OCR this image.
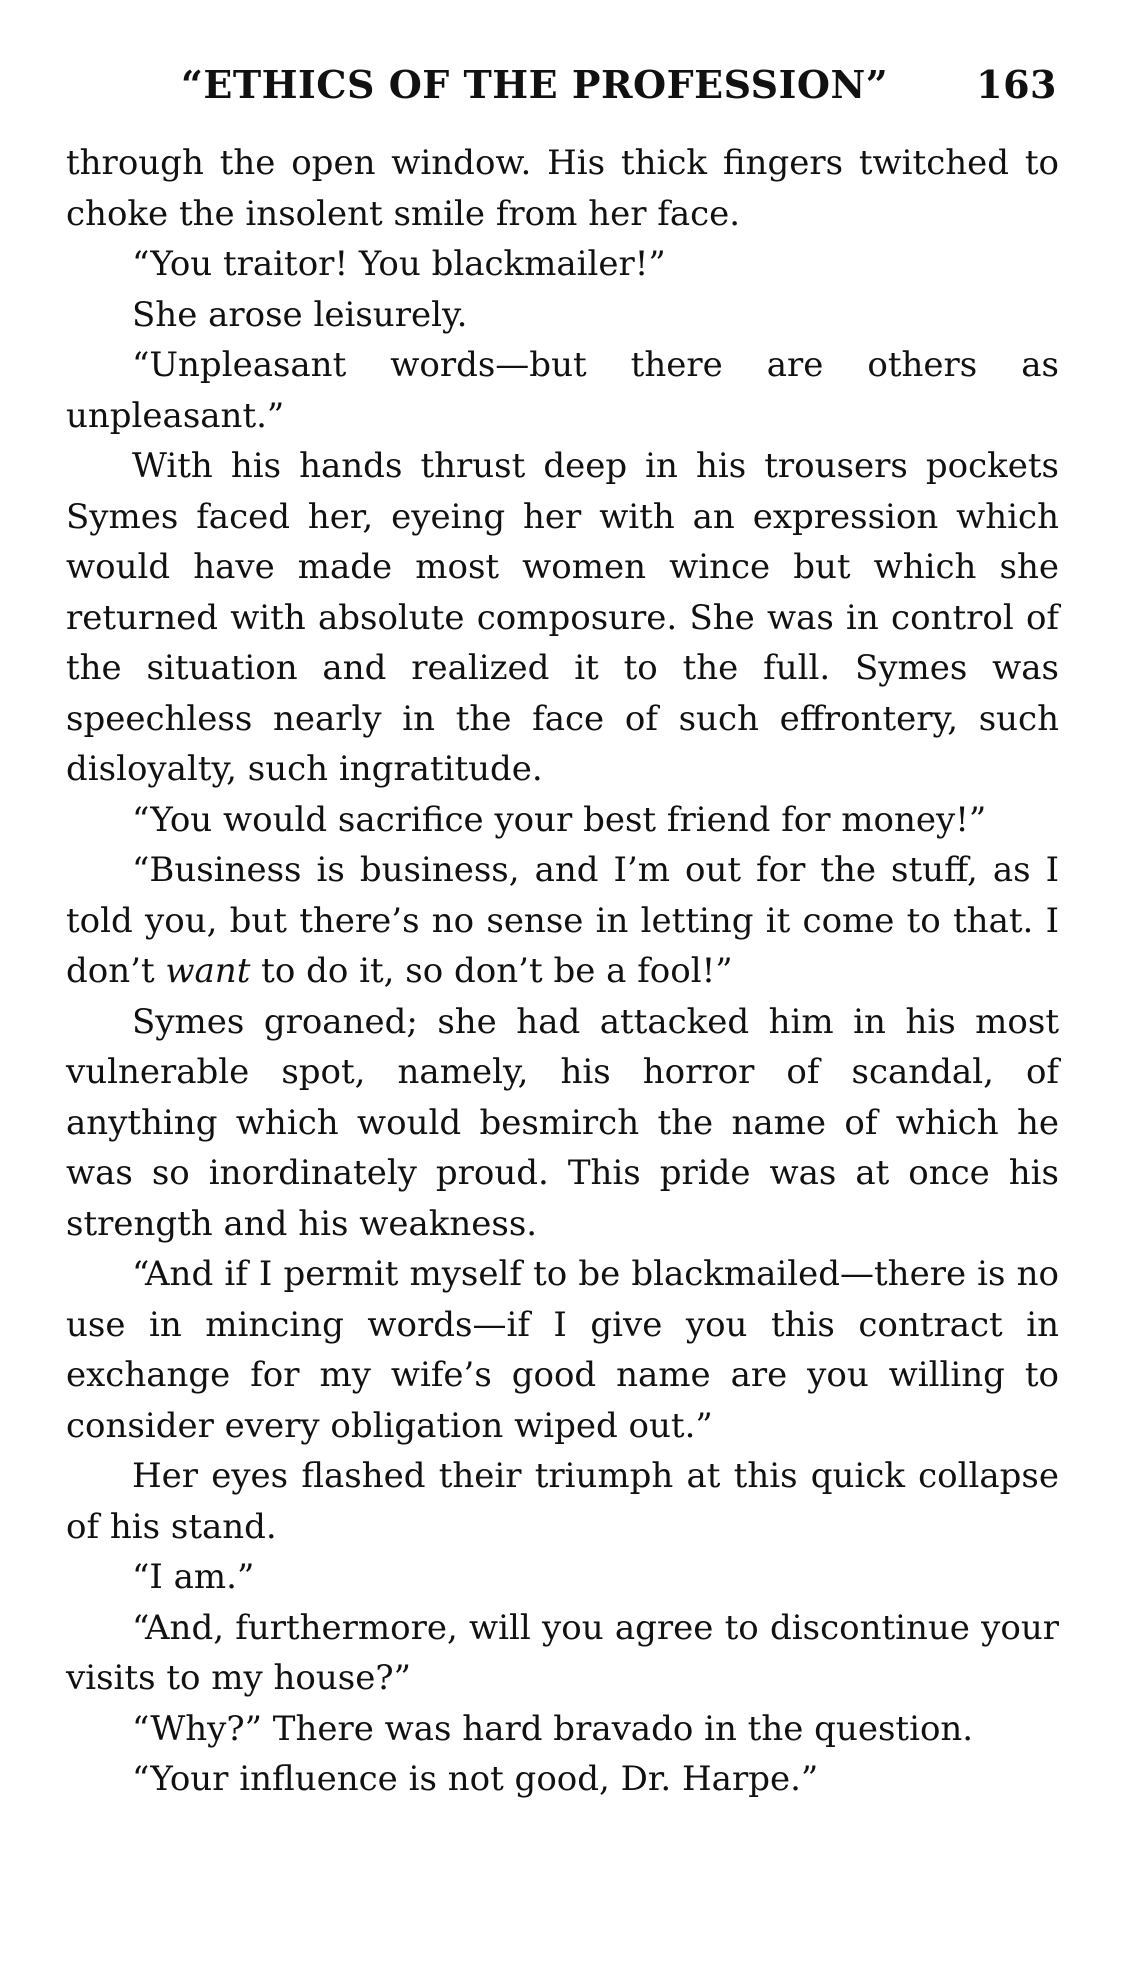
“ETHICS OF THE PROFESSION” 163

through the open window. His thick fingers twitched to choke the insolent smile from her face.

“You traitor! You blackmailer!”

She arose leisurely.

“Unpleasant words—but there are others as unpleasant.”

With his hands thrust deep in his trousers pockets Symes faced her, eyeing her with an expression which would have made most women wince but which she returned with absolute composure. She was in control of the situation and realized it to the full. Symes was speechless nearly in the face of such effrontery, such disloyalty, such ingratitude.

“You would sacrifice your best friend for money!”

“Business is business, and I’m out for the stuff, as I told you, but there’s no sense in letting it come to that. I don’t want to do it, so don’t be a fool!”

Symes groaned; she had attacked him in his most vulnerable spot, namely, his horror of scandal, of anything which would besmirch the name of which he was so inordinately proud. This pride was at once his strength and his weakness.

“And if I permit myself to be blackmailed—there is no use in mincing words—if I give you this contract in exchange for my wife’s good name are you willing to consider every obligation wiped out.”

Her eyes flashed their triumph at this quick collapse of his stand.

“I am.”

“And, furthermore, will you agree to discontinue your visits to my house?”

“Why?” There was hard bravado in the question.

“Your influence is not good, Dr. Harpe.”
